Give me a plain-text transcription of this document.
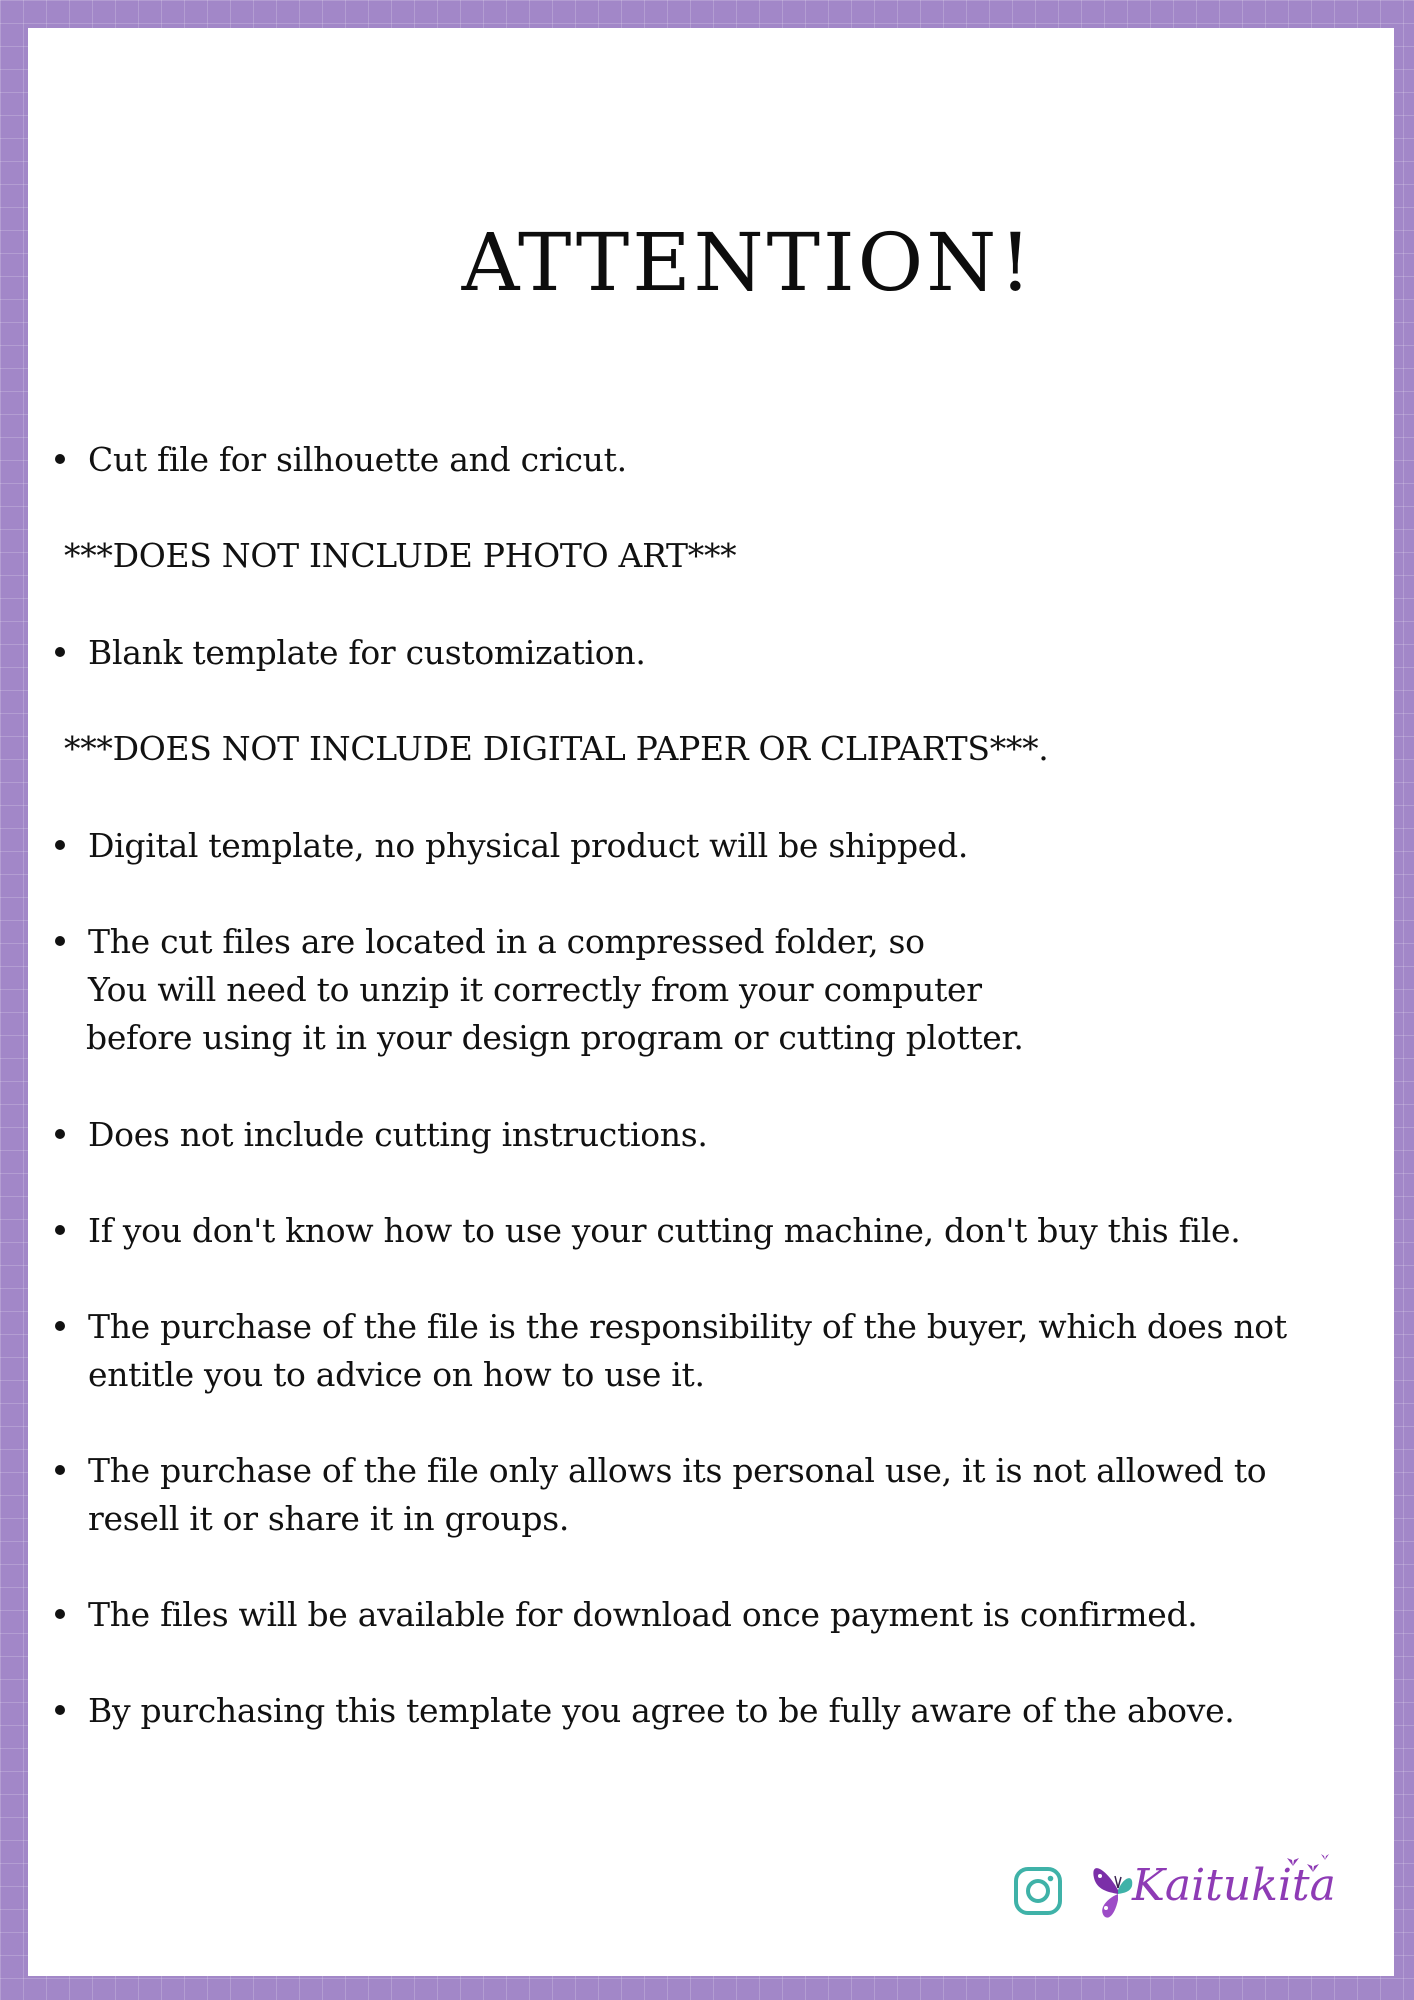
ATTENTION!
Cut file for silhouette and cricut.
***DOES NOT INCLUDE PHOTO ART***
Blank template for customization.
***DOES NOT INCLUDE DIGITAL PAPER OR CLIPARTS***.
Digital template, no physical product will be shipped.
The cut files are located in a compressed folder, so
You will need to unzip it correctly from your computer
before using it in your design program or cutting plotter.
Does not include cutting instructions.
If you don't know how to use your cutting machine, don't buy this file.
The purchase of the file is the responsibility of the buyer, which does not
entitle you to advice on how to use it.
The purchase of the file only allows its personal use, it is not allowed to
resell it or share it in groups.
The files will be available for download once payment is confirmed.
By purchasing this template you agree to be fully aware of the above.
Kaitukita
